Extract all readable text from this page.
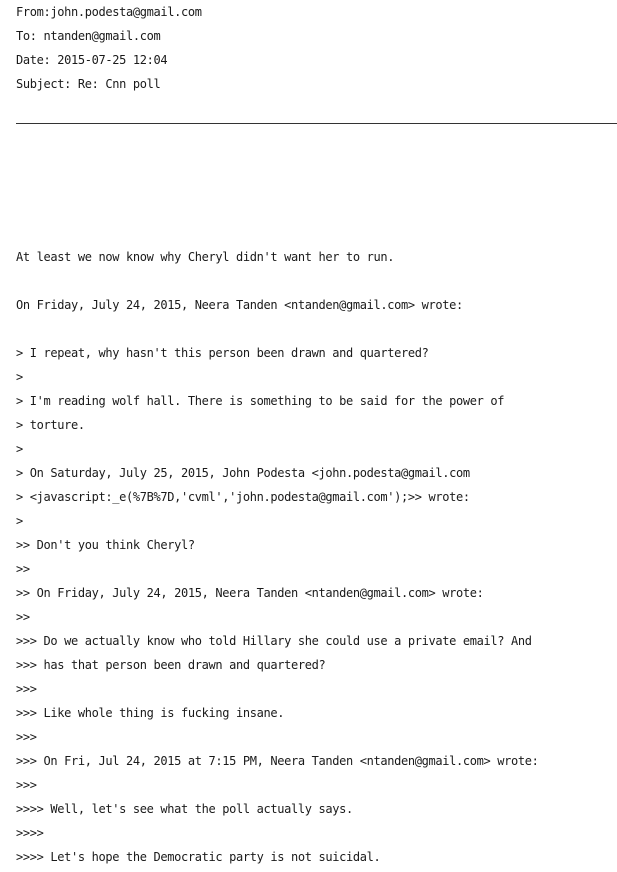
From:john.podesta@gmail.com
To: ntanden@gmail.com
Date: 2015-07-25 12:04
Subject: Re: Cnn poll
At least we now know why Cheryl didn't want her to run.
On Friday, July 24, 2015, Neera Tanden <ntanden@gmail.com> wrote:
> I repeat, why hasn't this person been drawn and quartered?
>
> I'm reading wolf hall. There is something to be said for the power of
> torture.
>
> On Saturday, July 25, 2015, John Podesta <john.podesta@gmail.com
> <javascript:_e(%7B%7D,'cvml','john.podesta@gmail.com');>> wrote:
>
>> Don't you think Cheryl?
>>
>> On Friday, July 24, 2015, Neera Tanden <ntanden@gmail.com> wrote:
>>
>>> Do we actually know who told Hillary she could use a private email? And
>>> has that person been drawn and quartered?
>>>
>>> Like whole thing is fucking insane.
>>>
>>> On Fri, Jul 24, 2015 at 7:15 PM, Neera Tanden <ntanden@gmail.com> wrote:
>>>
>>>> Well, let's see what the poll actually says.
>>>>
>>>> Let's hope the Democratic party is not suicidal.
